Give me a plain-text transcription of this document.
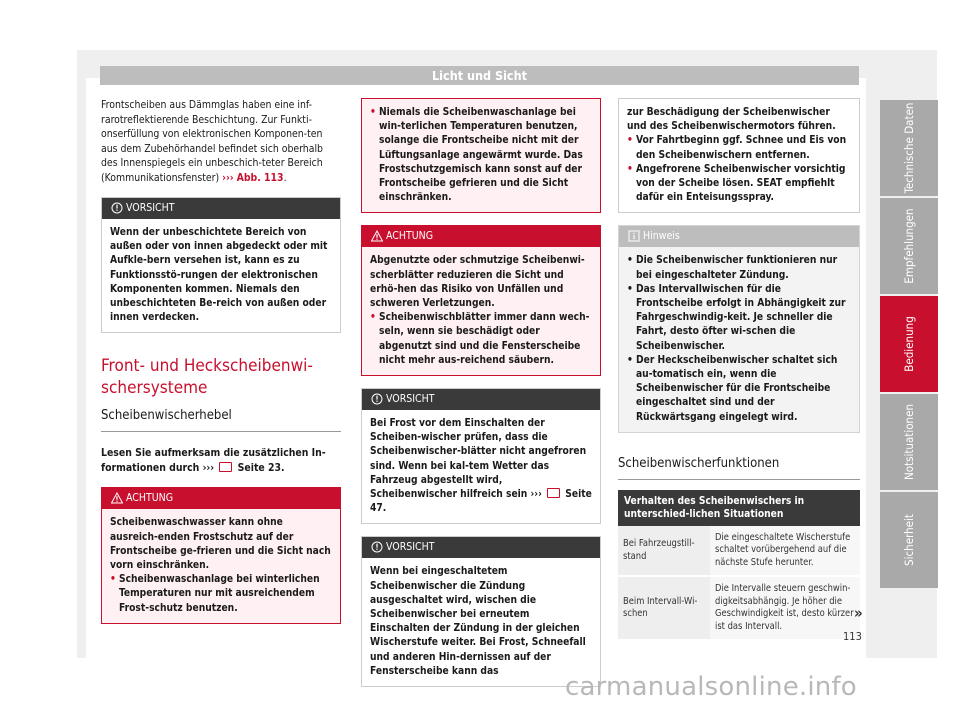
Licht und Sicht

Frontscheiben aus Dämmglas haben eine inf-rarotreflektierende Beschichtung. Zur Funkti-onserfüllung von elektronischen Komponen-ten aus dem Zubehörhandel befindet sich oberhalb des Innenspiegels ein unbeschich-teter Bereich (Kommunikationsfenster) ››› Abb. 113.

VORSICHT
Wenn der unbeschichtete Bereich von außen oder von innen abgedeckt oder mit Aufkle-bern versehen ist, kann es zu Funktionsstö-rungen der elektronischen Komponenten kommen. Niemals den unbeschichteten Be-reich von außen oder innen verdecken.
Front- und Heckscheibenwi-schersysteme
Scheibenwischerhebel

Lesen Sie aufmerksam die zusätzlichen In-formationen durch ››› Seite 23.

ACHTUNG
Scheibenwaschwasser kann ohne ausreich-enden Frostschutz auf der Frontscheibe ge-frieren und die Sicht nach vorn einschränken.
• Scheibenwaschanlage bei winterlichen Temperaturen nur mit ausreichendem Frost-schutz benutzen.
• Niemals die Scheibenwaschanlage bei win-terlichen Temperaturen benutzen, solange die Frontscheibe nicht mit der Lüftungsanlage angewärmt wurde. Das Frostschutzgemisch kann sonst auf der Frontscheibe gefrieren und die Sicht einschränken.
ACHTUNG
Abgenutzte oder schmutzige Scheibenwi-scherblätter reduzieren die Sicht und erhö-hen das Risiko von Unfällen und schweren Verletzungen.
• Scheibenwischblätter immer dann wech-seln, wenn sie beschädigt oder abgenutzt sind und die Fensterscheibe nicht mehr aus-reichend säubern.
VORSICHT
Bei Frost vor dem Einschalten der Scheiben-wischer prüfen, dass die Scheibenwischer-blätter nicht angefroren sind. Wenn bei kal-tem Wetter das Fahrzeug abgestellt wird, Scheibenwischer hilfreich sein ››› Seite 47.
VORSICHT
Wenn bei eingeschaltetem Scheibenwischer die Zündung ausgeschaltet wird, wischen die Scheibenwischer bei erneutem Einschalten der Zündung in der gleichen Wischerstufe weiter. Bei Frost, Schneefall und anderen Hin-dernissen auf der Fensterscheibe kann das
zur Beschädigung der Scheibenwischer und des Scheibenwischermotors führen.
• Vor Fahrtbeginn ggf. Schnee und Eis von den Scheibenwischern entfernen.
• Angefrorene Scheibenwischer vorsichtig von der Scheibe lösen. SEAT empfiehlt dafür ein Enteisungsspray.
Hinweis
• Die Scheibenwischer funktionieren nur bei eingeschalteter Zündung.
• Das Intervallwischen für die Frontscheibe erfolgt in Abhängigkeit zur Fahrgeschwindig-keit. Je schneller die Fahrt, desto öfter wi-schen die Scheibenwischer.
• Der Heckscheibenwischer schaltet sich au-tomatisch ein, wenn die Scheibenwischer für die Frontscheibe eingeschaltet sind und der Rückwärtsgang eingelegt wird.
Scheibenwischerfunktionen
Verhalten des Scheibenwischers in unterschied-lichen Situationen	
Bei Fahrzeugstill-stand	Die eingeschaltete Wischerstufe schaltet vorübergehend auf die nächste Stufe herunter.
Beim Intervall-Wi-schen	Die Intervalle steuern geschwin-digkeitsabhängig. Je höher die Geschwindigkeit ist, desto kürzer ist das Intervall.
Technische Daten
Empfehlungen
Bedienung
Notsituationen
Sicherheit
»
113
carmanualsonline.info
